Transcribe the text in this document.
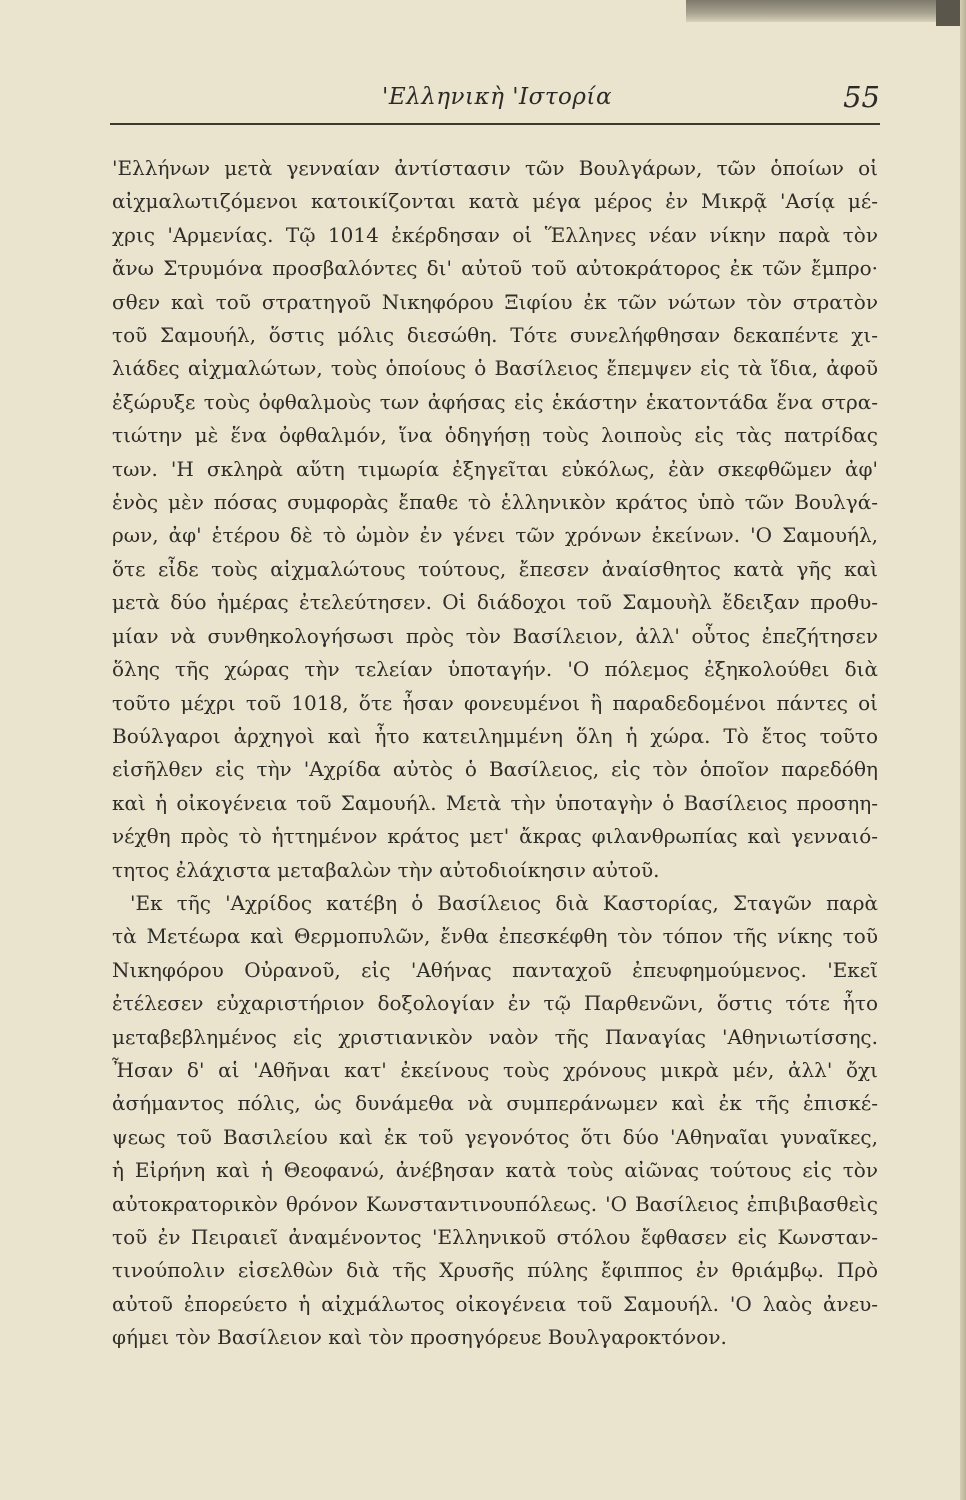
'Ελληνικὴ 'Ιστορία	55

'Ελλήνων μετὰ γενναίαν ἀντίστασιν τῶν Βουλγάρων, τῶν ὁποίων οἱ

αἰχμαλωτιζόμενοι κατοικίζονται κατὰ μέγα μέρος ἐν Μικρᾷ 'Ασίᾳ μέ-

χρις 'Αρμενίας. Τῷ 1014 ἐκέρδησαν οἱ Ἕλληνες νέαν νίκην παρὰ τὸν

ἄνω Στρυμόνα προσβαλόντες δι' αὐτοῦ τοῦ αὐτοκράτορος ἐκ τῶν ἔμπρο·

σθεν καὶ τοῦ στρατηγοῦ Νικηφόρου Ξιφίου ἐκ τῶν νώτων τὸν στρατὸν

τοῦ Σαμουήλ, ὅστις μόλις διεσώθη. Τότε συνελήφθησαν δεκαπέντε χι-

λιάδες αἰχμαλώτων, τοὺς ὁποίους ὁ Βασίλειος ἔπεμψεν εἰς τὰ ἴδια, ἀφοῦ

ἐξώρυξε τοὺς ὀφθαλμοὺς των ἀφήσας εἰς ἑκάστην ἑκατοντάδα ἕνα στρα-

τιώτην μὲ ἕνα ὀφθαλμόν, ἵνα ὁδηγήσῃ τοὺς λοιποὺς εἰς τὰς πατρίδας

των. 'Η σκληρὰ αὕτη τιμωρία ἐξηγεῖται εὐκόλως, ἐὰν σκεφθῶμεν ἀφ'

ἑνὸς μὲν πόσας συμφορὰς ἔπαθε τὸ ἑλληνικὸν κράτος ὑπὸ τῶν Βουλγά-

ρων, ἀφ' ἑτέρου δὲ τὸ ὠμὸν ἐν γένει τῶν χρόνων ἐκείνων. 'Ο Σαμουήλ,

ὅτε εἶδε τοὺς αἰχμαλώτους τούτους, ἔπεσεν ἀναίσθητος κατὰ γῆς καὶ

μετὰ δύο ἡμέρας ἐτελεύτησεν. Οἱ διάδοχοι τοῦ Σαμουὴλ ἔδειξαν προθυ-

μίαν νὰ συνθηκολογήσωσι πρὸς τὸν Βασίλειον, ἀλλ' οὗτος ἐπεζήτησεν

ὅλης τῆς χώρας τὴν τελείαν ὑποταγήν. 'Ο πόλεμος ἐξηκολούθει διὰ

τοῦτο μέχρι τοῦ 1018, ὅτε ἦσαν φονευμένοι ἢ παραδεδομένοι πάντες οἱ

Βούλγαροι ἀρχηγοὶ καὶ ἦτο κατειλημμένη ὅλη ἡ χώρα. Τὸ ἔτος τοῦτο

εἰσῆλθεν εἰς τὴν 'Αχρίδα αὐτὸς ὁ Βασίλειος, εἰς τὸν ὁποῖον παρεδόθη

καὶ ἡ οἰκογένεια τοῦ Σαμουήλ. Μετὰ τὴν ὑποταγὴν ὁ Βασίλειος προσηη-

νέχθη πρὸς τὸ ἡττημένον κράτος μετ' ἄκρας φιλανθρωπίας καὶ γενναιό-

τητος ἐλάχιστα μεταβαλὼν τὴν αὐτοδιοίκησιν αὐτοῦ.

'Εκ τῆς 'Αχρίδος κατέβη ὁ Βασίλειος διὰ Καστορίας, Σταγῶν παρὰ

τὰ Μετέωρα καὶ Θερμοπυλῶν, ἔνθα ἐπεσκέφθη τὸν τόπον τῆς νίκης τοῦ

Νικηφόρου Οὐρανοῦ, εἰς 'Αθήνας πανταχοῦ ἐπευφημούμενος. 'Εκεῖ

ἐτέλεσεν εὐχαριστήριον δοξολογίαν ἐν τῷ Παρθενῶνι, ὅστις τότε ἦτο

μεταβεβλημένος εἰς χριστιανικὸν ναὸν τῆς Παναγίας 'Αθηνιωτίσσης.

Ἦσαν δ' αἱ 'Αθῆναι κατ' ἐκείνους τοὺς χρόνους μικρὰ μέν, ἀλλ' ὄχι

ἀσήμαντος πόλις, ὡς δυνάμεθα νὰ συμπεράνωμεν καὶ ἐκ τῆς ἐπισκέ-

ψεως τοῦ Βασιλείου καὶ ἐκ τοῦ γεγονότος ὅτι δύο 'Αθηναῖαι γυναῖκες,

ἡ Εἰρήνη καὶ ἡ Θεοφανώ, ἀνέβησαν κατὰ τοὺς αἰῶνας τούτους εἰς τὸν

αὐτοκρατορικὸν θρόνον Κωνσταντινουπόλεως. 'Ο Βασίλειος ἐπιβιβασθεὶς

τοῦ ἐν Πειραιεῖ ἀναμένοντος 'Ελληνικοῦ στόλου ἔφθασεν εἰς Κωνσταν-

τινούπολιν εἰσελθὼν διὰ τῆς Χρυσῆς πύλης ἔφιππος ἐν θριάμβῳ. Πρὸ

αὐτοῦ ἐπορεύετο ἡ αἰχμάλωτος οἰκογένεια τοῦ Σαμουήλ. 'Ο λαὸς ἀνευ-

φήμει τὸν Βασίλειον καὶ τὸν προσηγόρευε Βουλγαροκτόνον.
